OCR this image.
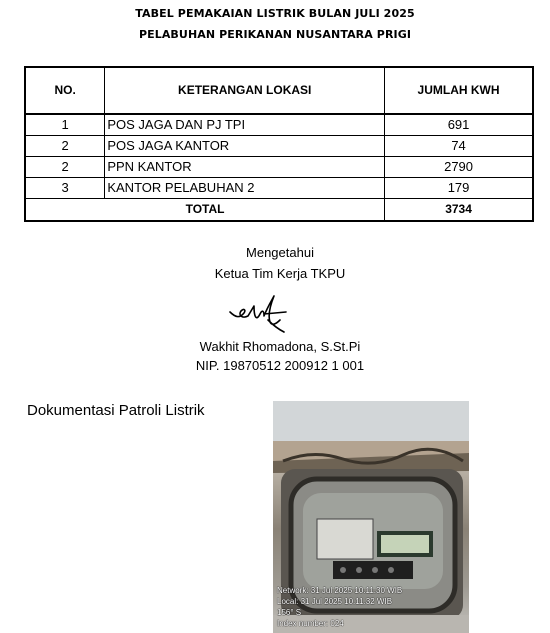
TABEL PEMAKAIAN LISTRIK BULAN JULI 2025
PELABUHAN PERIKANAN NUSANTARA PRIGI
NO.	KETERANGAN LOKASI	JUMLAH KWH
1	POS JAGA DAN PJ TPI	691
2	POS JAGA KANTOR	74
2	PPN KANTOR	2790
3	KANTOR PELABUHAN 2	179
TOTAL		3734
Mengetahui
Ketua Tim Kerja TKPU
Wakhit Rhomadona, S.St.Pi
NIP. 19870512 200912 1 001
Dokumentasi Patroli Listrik
Network: 31 Jul 2025 10.11.30 WIB
Local: 31 Jul 2025 10.11.32 WIB
156° S
Index number: 024
